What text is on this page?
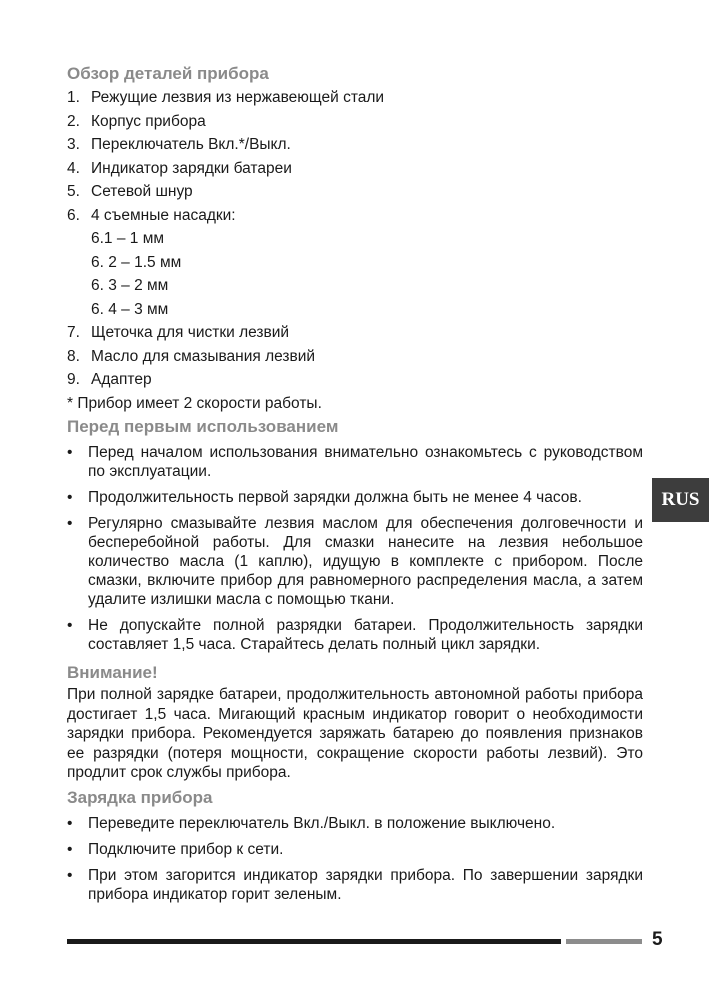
Обзор деталей прибора
1. Режущие лезвия из нержавеющей стали
2. Корпус прибора
3. Переключатель Вкл.*/Выкл.
4. Индикатор зарядки батареи
5. Сетевой шнур
6. 4 съемные насадки:
6.1 – 1 мм
6. 2 – 1.5 мм
6. 3 – 2 мм
6. 4 – 3 мм
7. Щеточка для чистки лезвий
8. Масло для смазывания лезвий
9. Адаптер
* Прибор имеет 2 скорости работы.
Перед первым использованием
• Перед началом использования внимательно ознакомьтесь с руководством по эксплуатации.
• Продолжительность первой зарядки должна быть не менее 4 часов.
• Регулярно смазывайте лезвия маслом для обеспечения долговечности и бесперебойной работы. Для смазки нанесите на лезвия небольшое количество масла (1 каплю), идущую в комплекте с прибором. После смазки, включите прибор для равномерного распределения масла, а затем удалите излишки масла с помощью ткани.
• Не допускайте полной разрядки батареи. Продолжительность зарядки составляет 1,5 часа. Старайтесь делать полный цикл зарядки.
Внимание!

При полной зарядке батареи, продолжительность автономной работы прибора достигает 1,5 часа. Мигающий красным индикатор говорит о необходимости зарядки прибора. Рекомендуется заряжать батарею до появления признаков ее разрядки (потеря мощности, сокращение скорости работы лезвий). Это продлит срок службы прибора.

Зарядка прибора
• Переведите переключатель Вкл./Выкл. в положение выключено.
• Подключите прибор к сети.
• При этом загорится индикатор зарядки прибора. По завершении зарядки прибора индикатор горит зеленым.
RUS
5
